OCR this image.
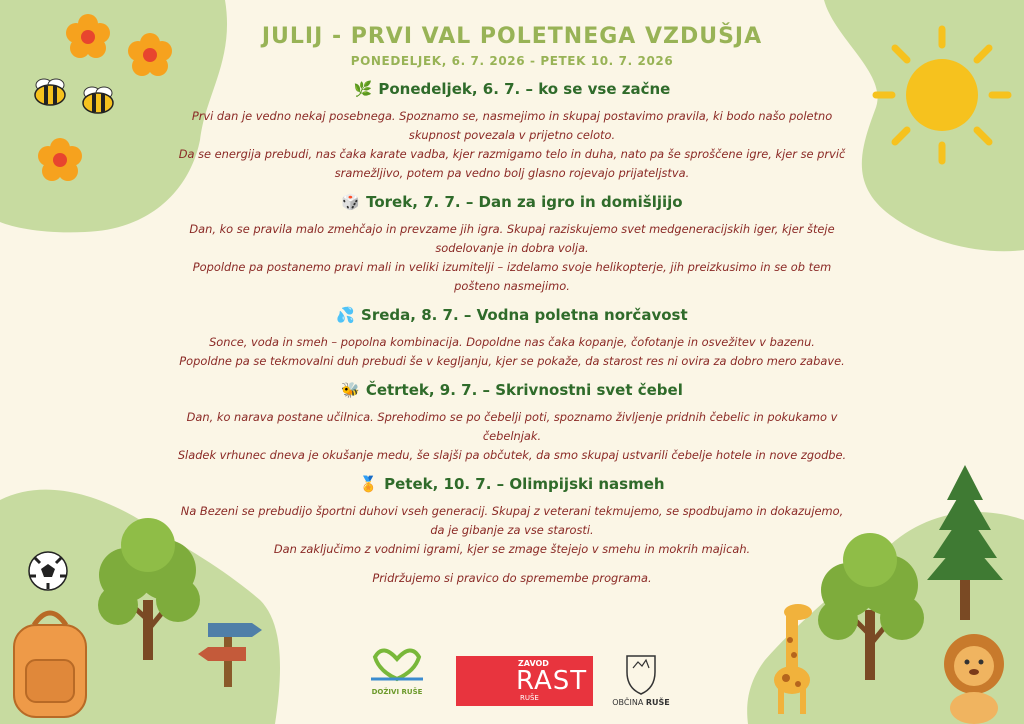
JULIJ - PRVI VAL POLETNEGA VZDUŠJA
PONEDELJEK, 6. 7. 2026 - PETEK 10. 7. 2026
🌿 Ponedeljek, 6. 7. – ko se vse začne

Prvi dan je vedno nekaj posebnega. Spoznamo se, nasmejimo in skupaj postavimo pravila, ki bodo našo poletno skupnost povezala v prijetno celoto.
Da se energija prebudi, nas čaka karate vadba, kjer razmigamo telo in duha, nato pa še sproščene igre, kjer se prvič sramežljivo, potem pa vedno bolj glasno rojevajo prijateljstva.

🎲 Torek, 7. 7. – Dan za igro in domišljijo

Dan, ko se pravila malo zmehčajo in prevzame jih igra. Skupaj raziskujemo svet medgeneracijskih iger, kjer šteje sodelovanje in dobra volja.
Popoldne pa postanemo pravi mali in veliki izumitelji – izdelamo svoje helikopterje, jih preizkusimo in se ob tem pošteno nasmejimo.

💦 Sreda, 8. 7. – Vodna poletna norčavost

Sonce, voda in smeh – popolna kombinacija. Dopoldne nas čaka kopanje, čofotanje in osvežitev v bazenu.
Popoldne pa se tekmovalni duh prebudi še v kegljanju, kjer se pokaže, da starost res ni ovira za dobro mero zabave.

🐝 Četrtek, 9. 7. – Skrivnostni svet čebel

Dan, ko narava postane učilnica. Sprehodimo se po čebelji poti, spoznamo življenje pridnih čebelic in pokukamo v čebelnjak.
Sladek vrhunec dneva je okušanje medu, še slajši pa občutek, da smo skupaj ustvarili čebelje hotele in nove zgodbe.

🏅 Petek, 10. 7. – Olimpijski nasmeh

Na Bezeni se prebudijo športni duhovi vseh generacij. Skupaj z veterani tekmujemo, se spodbujamo in dokazujemo, da je gibanje za vse starosti.
Dan zaključimo z vodnimi igrami, kjer se zmage štejejo v smehu in mokrih majicah.

Pridržujemo si pravico do spremembe programa.

DOŽIVI RUŠE
ZAVOD
RAST
RUŠE	OBČINA RUŠE
